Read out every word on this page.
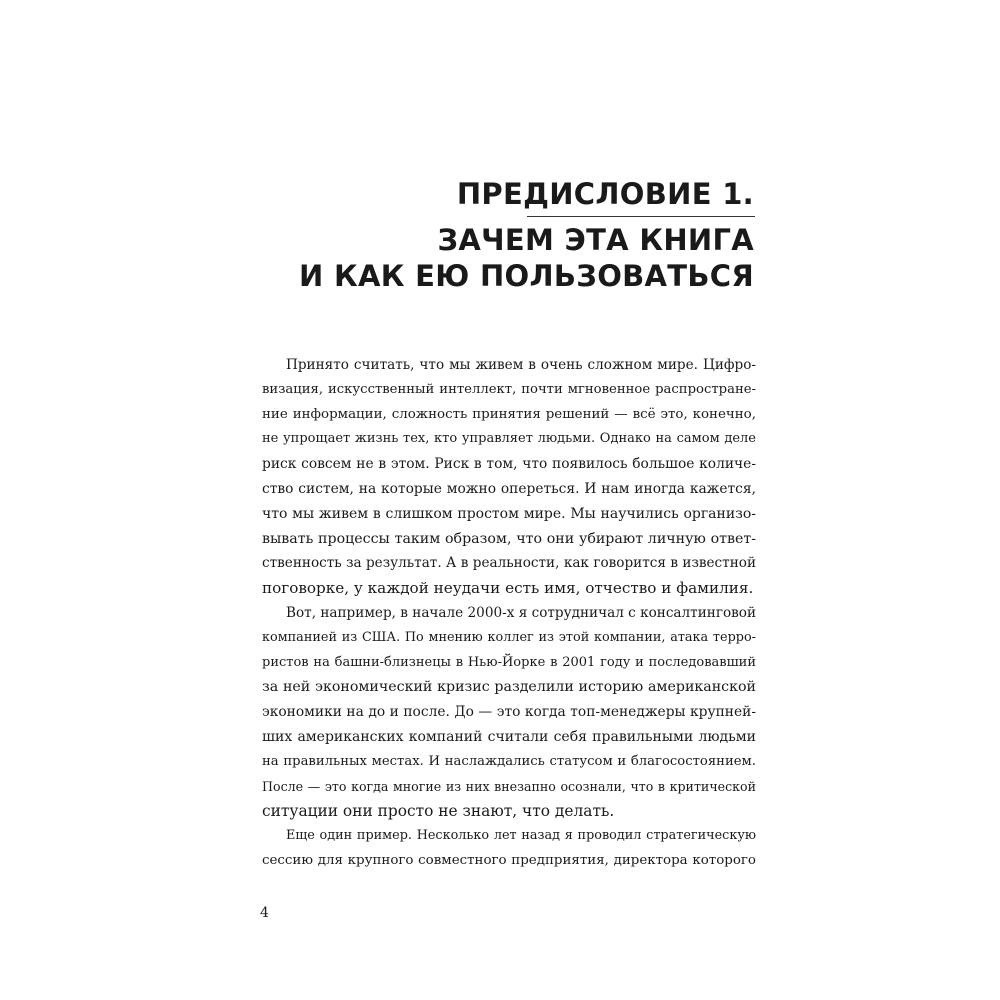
ПРЕДИСЛОВИЕ 1.
ЗАЧЕМ ЭТА КНИГА
И КАК ЕЮ ПОЛЬЗОВАТЬСЯ
Принято считать, что мы живем в очень сложном мире. Цифро-
визация, искусственный интеллект, почти мгновенное распростране-
ние информации, сложность принятия решений — всё это, конечно,
не упрощает жизнь тех, кто управляет людьми. Однако на самом деле
риск совсем не в этом. Риск в том, что появилось большое количе-
ство систем, на которые можно опереться. И нам иногда кажется,
что мы живем в слишком простом мире. Мы научились организо-
вывать процессы таким образом, что они убирают личную ответ-
ственность за результат. А в реальности, как говорится в известной
поговорке, у каждой неудачи есть имя, отчество и фамилия.
Вот, например, в начале 2000-х я сотрудничал с консалтинговой
компанией из США. По мнению коллег из этой компании, атака терро-
ристов на башни-близнецы в Нью-Йорке в 2001 году и последовавший
за ней экономический кризис разделили историю американской
экономики на до и после. До — это когда топ-менеджеры крупней-
ших американских компаний считали себя правильными людьми
на правильных местах. И наслаждались статусом и благосостоянием.
После — это когда многие из них внезапно осознали, что в критической
ситуации они просто не знают, что делать.
Еще один пример. Несколько лет назад я проводил стратегическую
сессию для крупного совместного предприятия, директора которого
4
